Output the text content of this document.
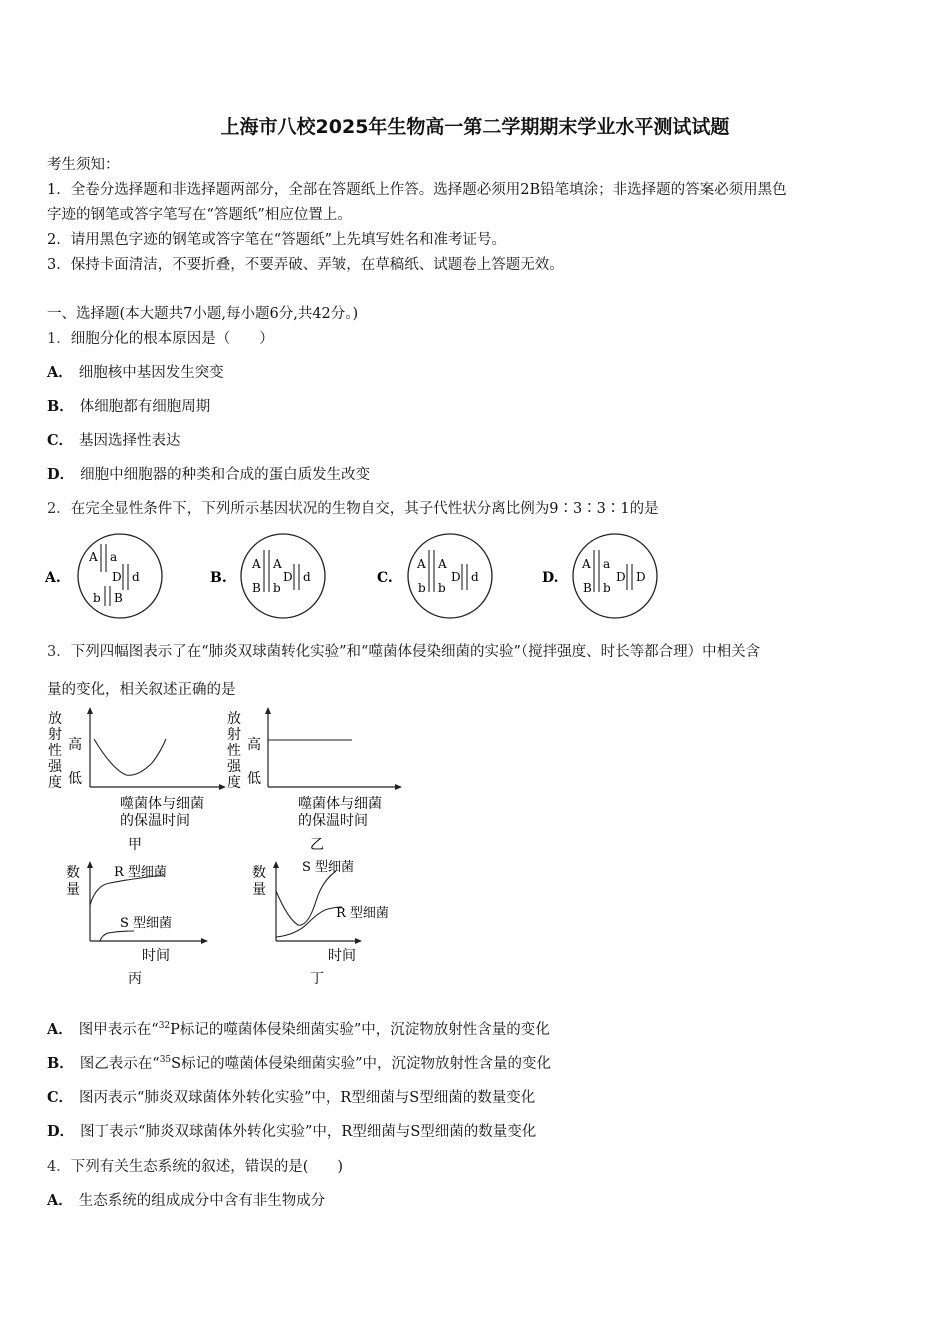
上海市八校2025年生物高一第二学期期末学业水平测试试题
考生须知：
1．全卷分选择题和非选择题两部分，全部在答题纸上作答。选择题必须用2B铅笔填涂；非选择题的答案必须用黑色
字迹的钢笔或答字笔写在“答题纸”相应位置上。
2．请用黑色字迹的钢笔或答字笔在“答题纸”上先填写姓名和准考证号。
3．保持卡面清洁，不要折叠，不要弄破、弄皱，在草稿纸、试题卷上答题无效。
一、选择题(本大题共7小题,每小题6分,共42分。)
1．细胞分化的根本原因是（　　）
A． 细胞核中基因发生突变
B． 体细胞都有细胞周期
C． 基因选择性表达
D． 细胞中细胞器的种类和合成的蛋白质发生改变
2．在完全显性条件下，下列所示基因状况的生物自交，其子代性状分离比例为9∶3∶3∶1的是
A.
A a
D d
b B
B.
A A
D d
B b
C.
A A
D d
b b
D.
A a
D D
B b
3．下列四幅图表示了在“肺炎双球菌转化实验”和“噬菌体侵染细菌的实验”（搅拌强度、时长等都合理）中相关含
量的变化，相关叙述正确的是
放
射
性
强
度
高
低
噬菌体与细菌
的保温时间
甲
放
射
性
强
度
高
低
噬菌体与细菌
的保温时间
乙
数
量
R 型细菌
S 型细菌
时间
丙
数
量
S 型细菌
R 型细菌
时间
丁
A． 图甲表示在“$^{32}$P标记的噬菌体侵染细菌实验”中，沉淀物放射性含量的变化
B． 图乙表示在“$^{35}$S标记的噬菌体侵染细菌实验”中，沉淀物放射性含量的变化
C． 图丙表示“肺炎双球菌体外转化实验”中，R型细菌与S型细菌的数量变化
D． 图丁表示“肺炎双球菌体外转化实验”中，R型细菌与S型细菌的数量变化
4．下列有关生态系统的叙述，错误的是(　　)
A． 生态系统的组成成分中含有非生物成分
